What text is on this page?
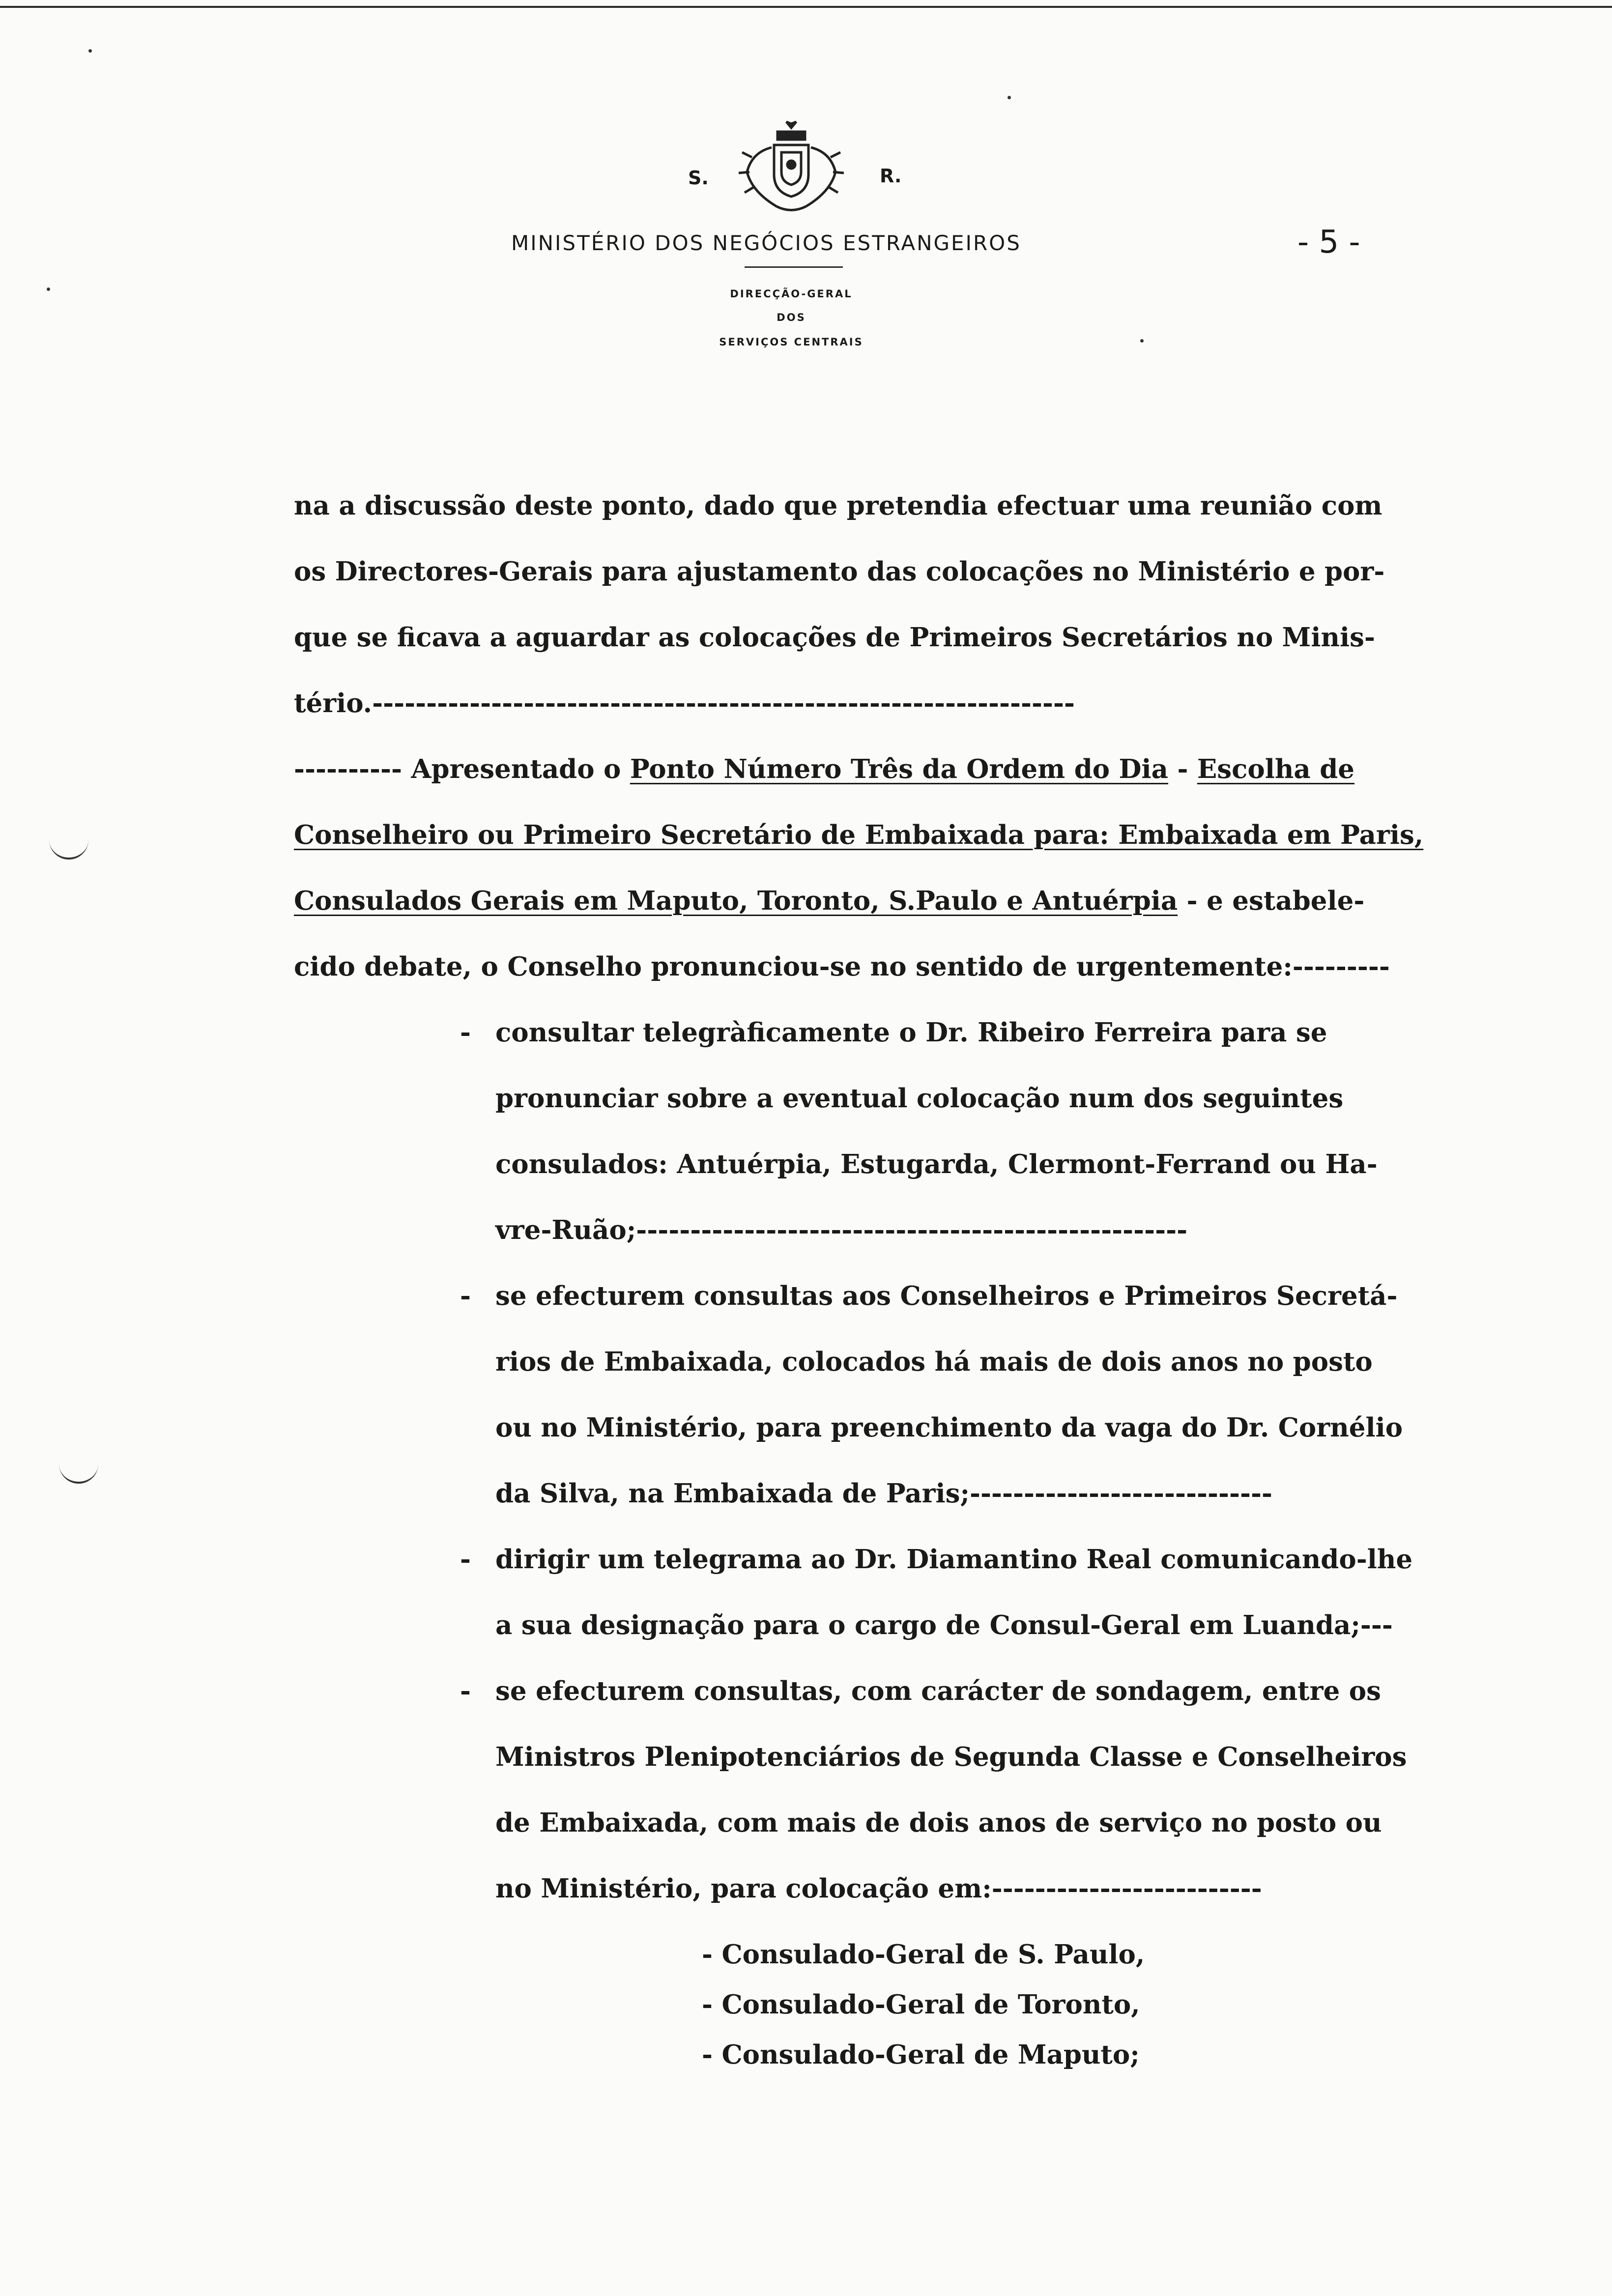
S.	R.
MINISTÉRIO DOS NEGÓCIOS ESTRANGEIROS	- 5 -
DIRECÇÃO-GERAL
DOS
SERVIÇOS CENTRAIS
na a discussão deste ponto, dado que pretendia efectuar uma reunião com
os Directores-Gerais para ajustamento das colocações no Ministério e por-
que se ficava a aguardar as colocações de Primeiros Secretários no Minis-
tério.-----------------------------------------------------------------
---------- Apresentado o Ponto Número Três da Ordem do Dia - Escolha de
Conselheiro ou Primeiro Secretário de Embaixada para: Embaixada em Paris,
Consulados Gerais em Maputo, Toronto, S.Paulo e Antuérpia - e estabele-
cido debate, o Conselho pronunciou-se no sentido de urgentemente:---------
- consultar telegràficamente o Dr. Ribeiro Ferreira para se
pronunciar sobre a eventual colocação num dos seguintes
consulados: Antuérpia, Estugarda, Clermont-Ferrand ou Ha-
vre-Ruão;---------------------------------------------------
- se efecturem consultas aos Conselheiros e Primeiros Secretá-
rios de Embaixada, colocados há mais de dois anos no posto
ou no Ministério, para preenchimento da vaga do Dr. Cornélio
da Silva, na Embaixada de Paris;----------------------------
- dirigir um telegrama ao Dr. Diamantino Real comunicando-lhe
a sua designação para o cargo de Consul-Geral em Luanda;---
- se efecturem consultas, com carácter de sondagem, entre os
Ministros Plenipotenciários de Segunda Classe e Conselheiros
de Embaixada, com mais de dois anos de serviço no posto ou
no Ministério, para colocação em:-------------------------
- Consulado-Geral de S. Paulo,
- Consulado-Geral de Toronto,
- Consulado-Geral de Maputo;
